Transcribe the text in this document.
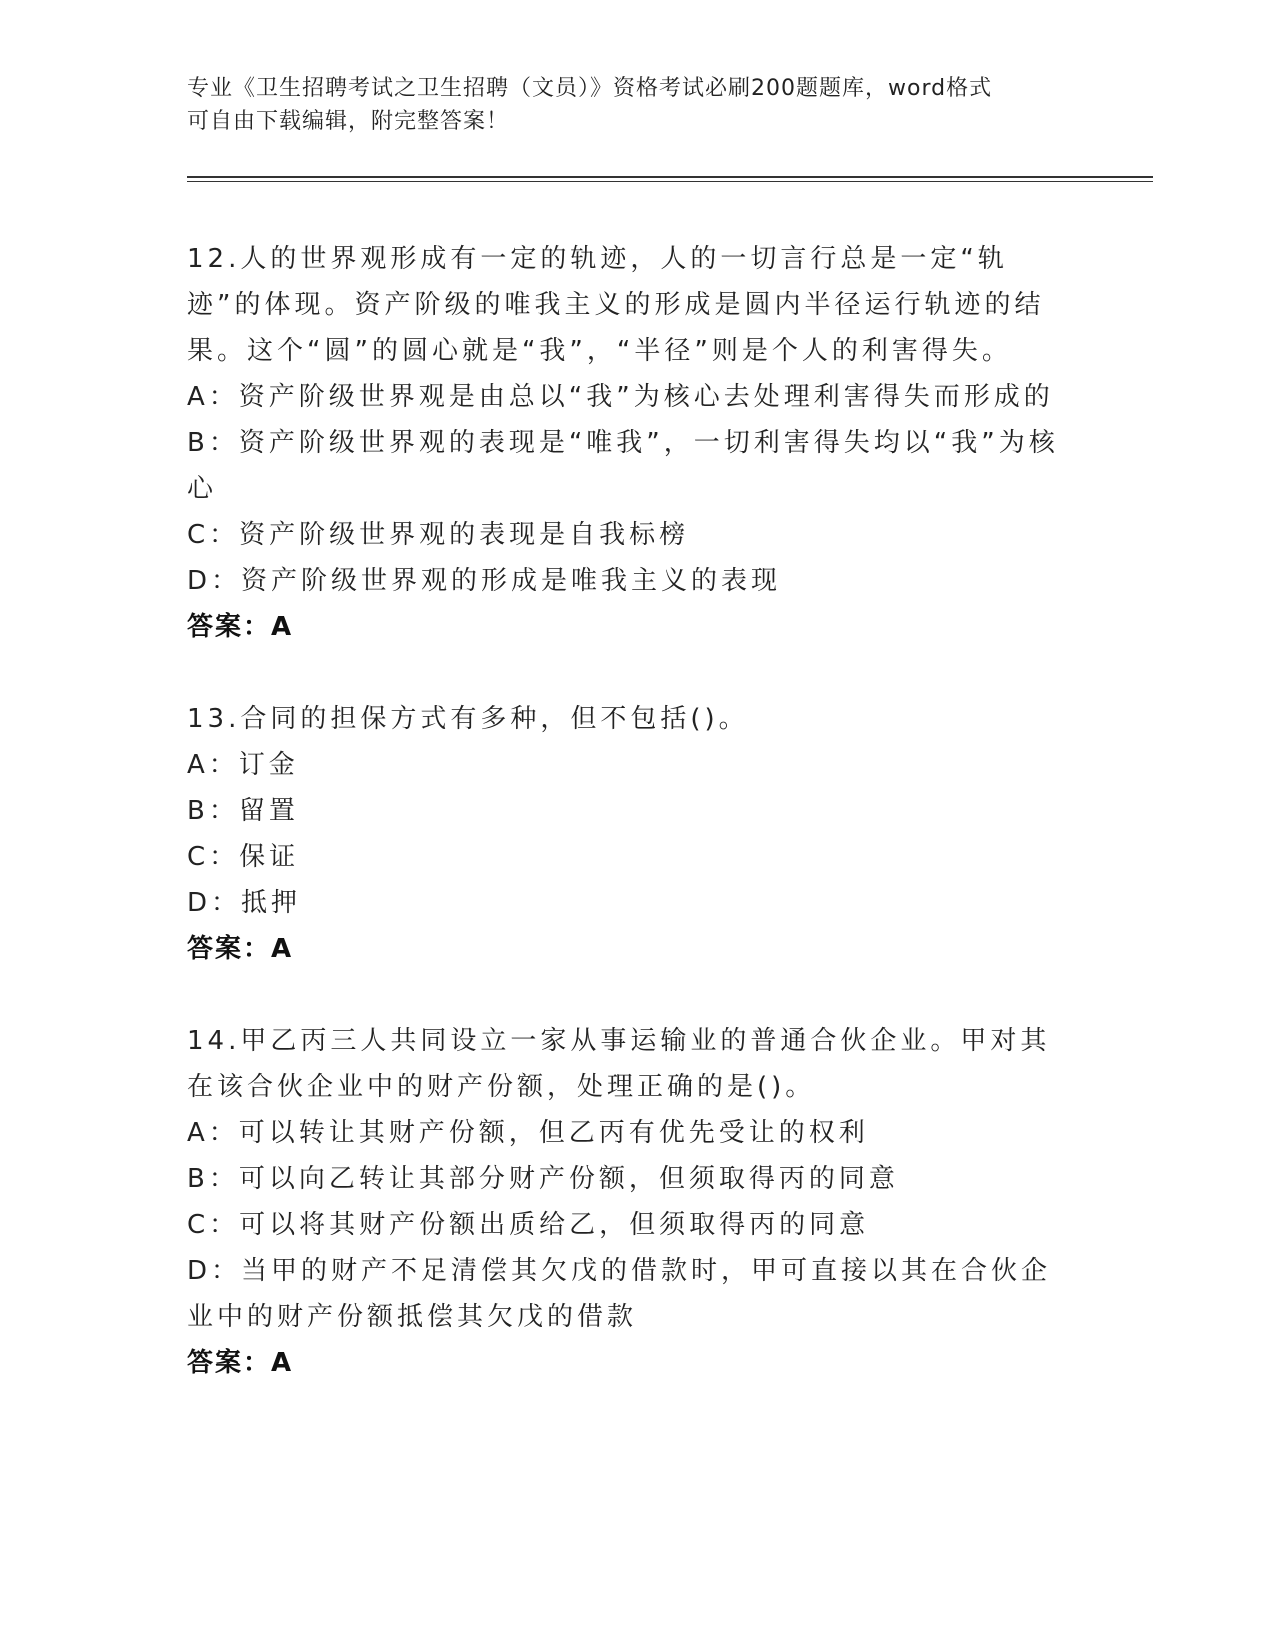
专业《卫生招聘考试之卫生招聘（文员）》资格考试必刷200题题库，word格式
可自由下载编辑，附完整答案！
12.人的世界观形成有一定的轨迹，人的一切言行总是一定“轨迹”的体现。资产阶级的唯我主义的形成是圆内半径运行轨迹的结果。这个“圆”的圆心就是“我”，“半径”则是个人的利害得失。
A：资产阶级世界观是由总以“我”为核心去处理利害得失而形成的
B：资产阶级世界观的表现是“唯我”，一切利害得失均以“我”为核心
C：资产阶级世界观的表现是自我标榜
D：资产阶级世界观的形成是唯我主义的表现
答案：A
13.合同的担保方式有多种，但不包括()。
A：订金
B：留置
C：保证
D：抵押
答案：A
14.甲乙丙三人共同设立一家从事运输业的普通合伙企业。甲对其在该合伙企业中的财产份额，处理正确的是()。
A：可以转让其财产份额，但乙丙有优先受让的权利
B：可以向乙转让其部分财产份额，但须取得丙的同意
C：可以将其财产份额出质给乙，但须取得丙的同意
D：当甲的财产不足清偿其欠戊的借款时，甲可直接以其在合伙企业中的财产份额抵偿其欠戊的借款
答案：A
